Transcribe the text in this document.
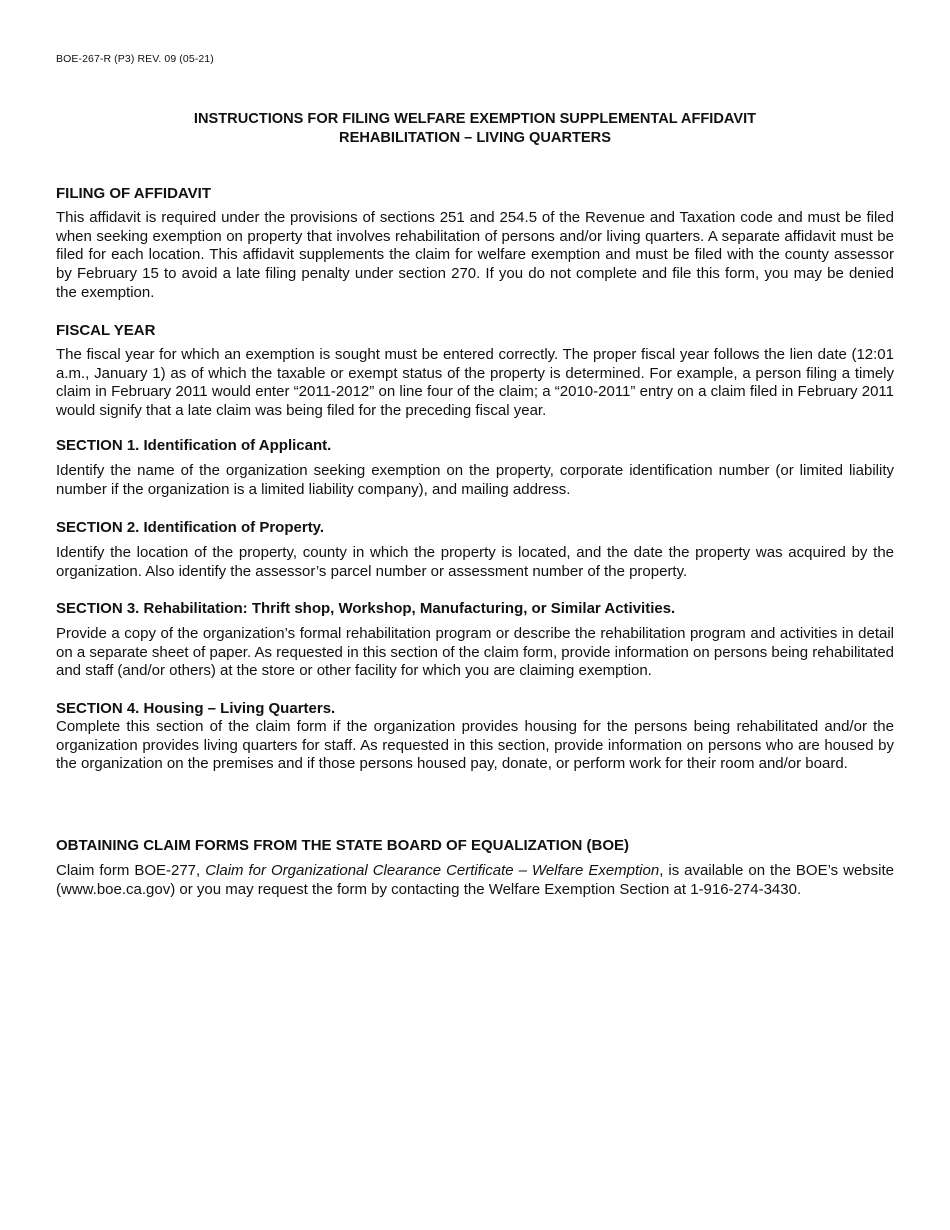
BOE-267-R (P3) REV. 09 (05-21)
INSTRUCTIONS FOR FILING WELFARE EXEMPTION SUPPLEMENTAL AFFIDAVIT
REHABILITATION – LIVING QUARTERS
FILING OF AFFIDAVIT
This affidavit is required under the provisions of sections 251 and 254.5 of the Revenue and Taxation code and must be filed when seeking exemption on property that involves rehabilitation of persons and/or living quarters. A separate affidavit must be filed for each location. This affidavit supplements the claim for welfare exemption and must be filed with the county assessor by February 15 to avoid a late filing penalty under section 270. If you do not complete and file this form, you may be denied the exemption.
FISCAL YEAR
The fiscal year for which an exemption is sought must be entered correctly. The proper fiscal year follows the lien date (12:01 a.m., January 1) as of which the taxable or exempt status of the property is determined. For example, a person filing a timely claim in February 2011 would enter “2011-2012” on line four of the claim; a “2010-2011” entry on a claim filed in February 2011 would signify that a late claim was being filed for the preceding fiscal year.
SECTION 1. Identification of Applicant.
Identify the name of the organization seeking exemption on the property, corporate identification number (or limited liability number if the organization is a limited liability company), and mailing address.
SECTION 2. Identification of Property.
Identify the location of the property, county in which the property is located, and the date the property was acquired by the organization. Also identify the assessor’s parcel number or assessment number of the property.
SECTION 3. Rehabilitation: Thrift shop, Workshop, Manufacturing, or Similar Activities.
Provide a copy of the organization’s formal rehabilitation program or describe the rehabilitation program and activities in detail on a separate sheet of paper. As requested in this section of the claim form, provide information on persons being rehabilitated and staff (and/or others) at the store or other facility for which you are claiming exemption.
SECTION 4. Housing – Living Quarters.
Complete this section of the claim form if the organization provides housing for the persons being rehabilitated and/or the organization provides living quarters for staff. As requested in this section, provide information on persons who are housed by the organization on the premises and if those persons housed pay, donate, or perform work for their room and/or board.
OBTAINING CLAIM FORMS FROM THE STATE BOARD OF EQUALIZATION (BOE)
Claim form BOE-277, Claim for Organizational Clearance Certificate – Welfare Exemption, is available on the BOE’s website (www.boe.ca.gov) or you may request the form by contacting the Welfare Exemption Section at 1-916-274-3430.
